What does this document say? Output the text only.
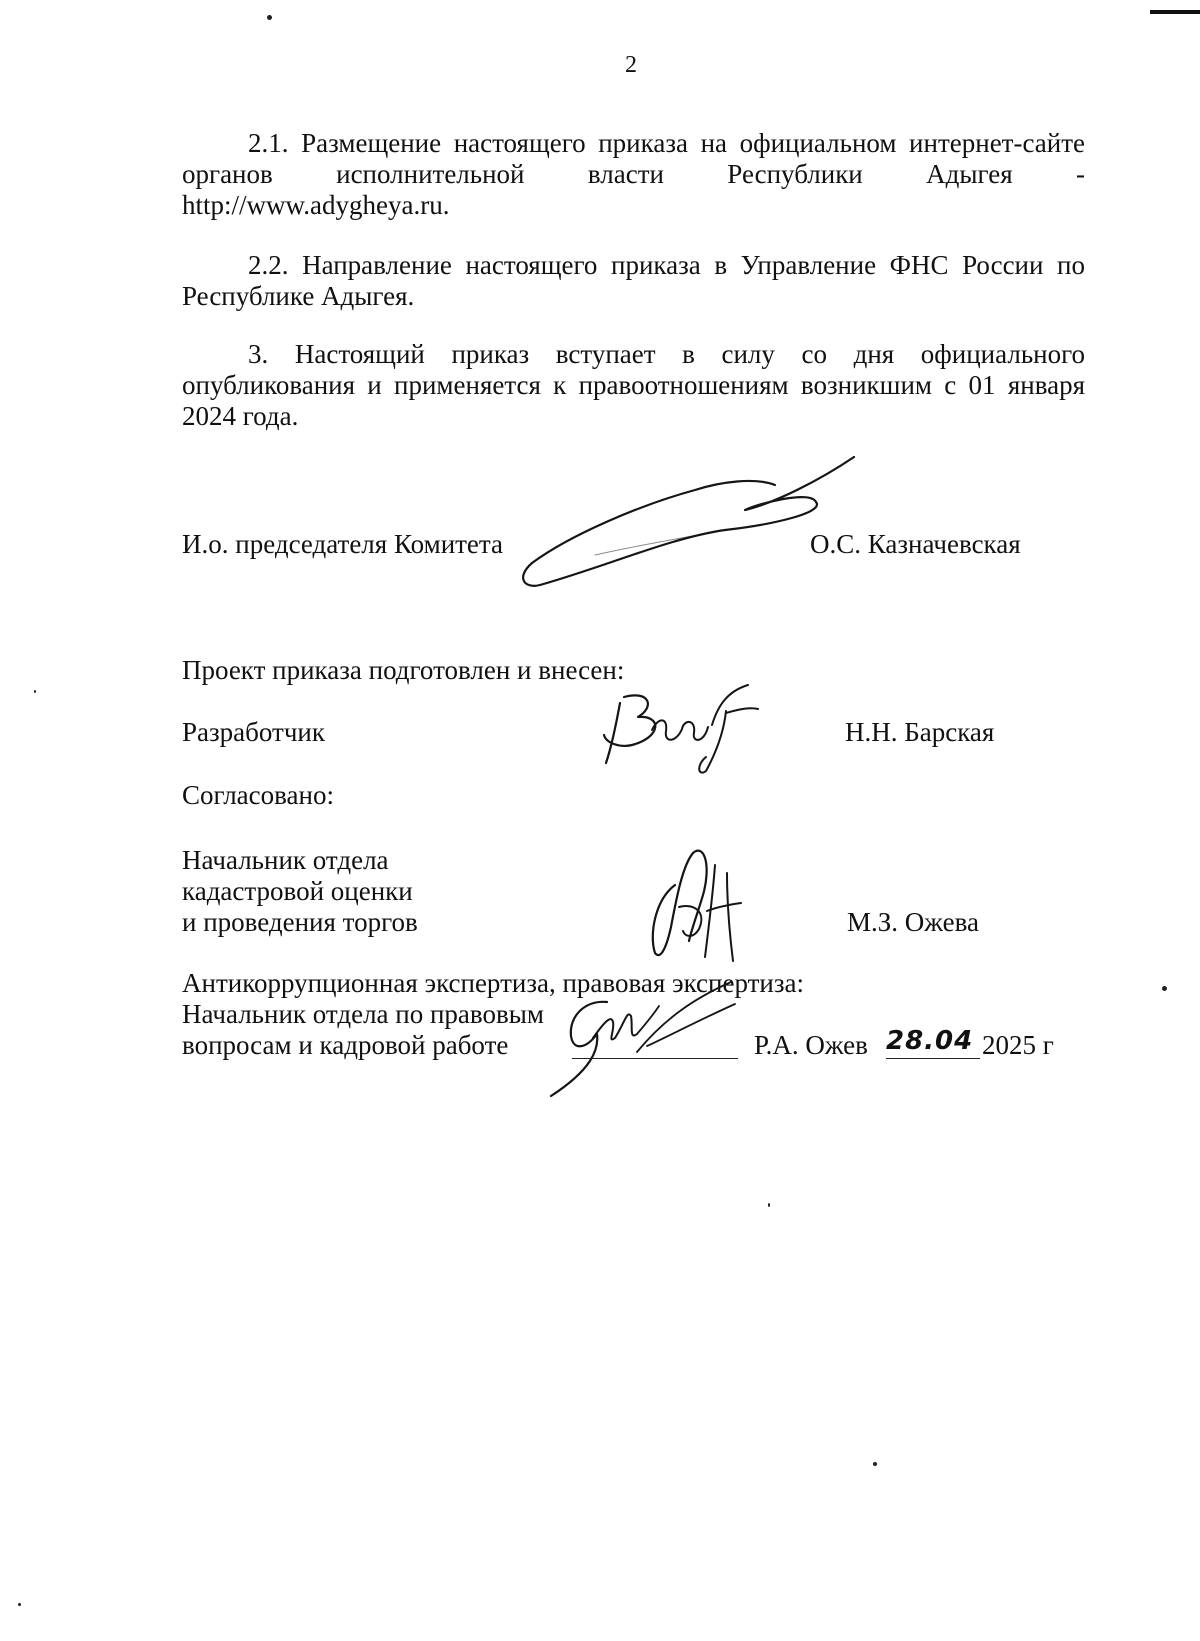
2
2.1. Размещение настоящего приказа на официальном интернет-сайте
органов исполнительной власти Республики Адыгея -
http://www.adygheya.ru.
2.2. Направление настоящего приказа в Управление ФНС России по
Республике Адыгея.
3. Настоящий приказ вступает в силу со дня официального
опубликования и применяется к правоотношениям возникшим с 01 января
2024 года.
И.о. председателя Комитета	О.С. Казначевская
Проект приказа подготовлен и внесен:
Разработчик	Н.Н. Барская
Согласовано:
Начальник отдела
кадастровой оценки
и проведения торгов	М.З. Ожева
Антикоррупционная экспертиза, правовая экспертиза:
Начальник отдела по правовым
вопросам и кадровой работе	Р.А. Ожев 28.04 2025 г
